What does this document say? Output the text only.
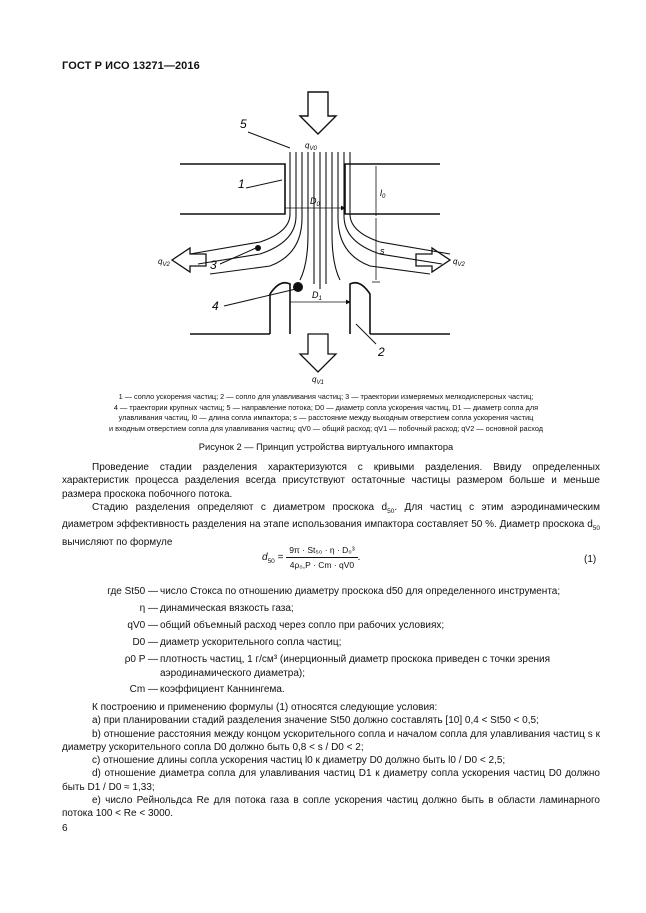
ГОСТ Р ИСО 13271—2016
5
1
3
4
2
$q_{V0}$
$q_{V2}$	$q_{V2}$
$q_{V1}$
$D_0$
$D_1$
$l_0$
s
1 — сопло ускорения частиц; 2 — сопло для улавливания частиц; 3 — траектории измеряемых мелкодисперсных частиц;
4 — траектории крупных частиц; 5 — направление потока; D0 — диаметр сопла ускорения частиц, D1 — диаметр сопла для
улавливания частиц, l0 — длина сопла импактора; s — расстояние между выходным отверстием сопла ускорения частиц
и входным отверстием сопла для улавливания частиц; qV0 — общий расход; qV1 — побочный расход; qV2 — основной расход
Рисунок 2 — Принцип устройства виртуального импактора
Проведение стадии разделения характеризуются с кривыми разделения. Ввиду определенных характеристик процесса разделения всегда присутствуют остаточные частицы размером больше и меньше размера проскока побочного потока.
Стадию разделения определяют с диаметром проскока $d_{50}$. Для частиц с этим аэродинамическим диаметром эффективность разделения на этапе использования импактора составляет 50 %. Диаметр проскока $d_{50}$ вычисляют по формуле
$d_{50} = \frac{\text{9π · St₅₀ · η · D₀³}}{\text{4ρ₀,P · Cm · qV0}}$ .	(1)
где St50 — число Стокса по отношению диаметру проскока d50 для определенного инструмента;
η — динамическая вязкость газа;
qV0 — общий объемный расход через сопло при рабочих условиях;
D0 — диаметр ускорительного сопла частиц;
ρ0 P — плотность частиц, 1 г/см³ (инерционный диаметр проскока приведен с точки зрения аэродинамического диаметра);
Cm — коэффициент Каннингема.
К построению и применению формулы (1) относятся следующие условия:
а) при планировании стадий разделения значение St50 должно составлять [10] 0,4 < St50 < 0,5;
b) отношение расстояния между концом ускорительного сопла и началом сопла для улавливания частиц s к диаметру ускорительного сопла D0 должно быть 0,8 < s / D0 < 2;
c) отношение длины сопла ускорения частиц l0 к диаметру D0 должно быть l0 / D0 < 2,5;
d) отношение диаметра сопла для улавливания частиц D1 к диаметру сопла ускорения частиц D0 должно быть D1 / D0 ≈ 1,33;
е) число Рейнольдса Re для потока газа в сопле ускорения частиц должно быть в области ламинарного потока 100 < Re < 3000.
6
